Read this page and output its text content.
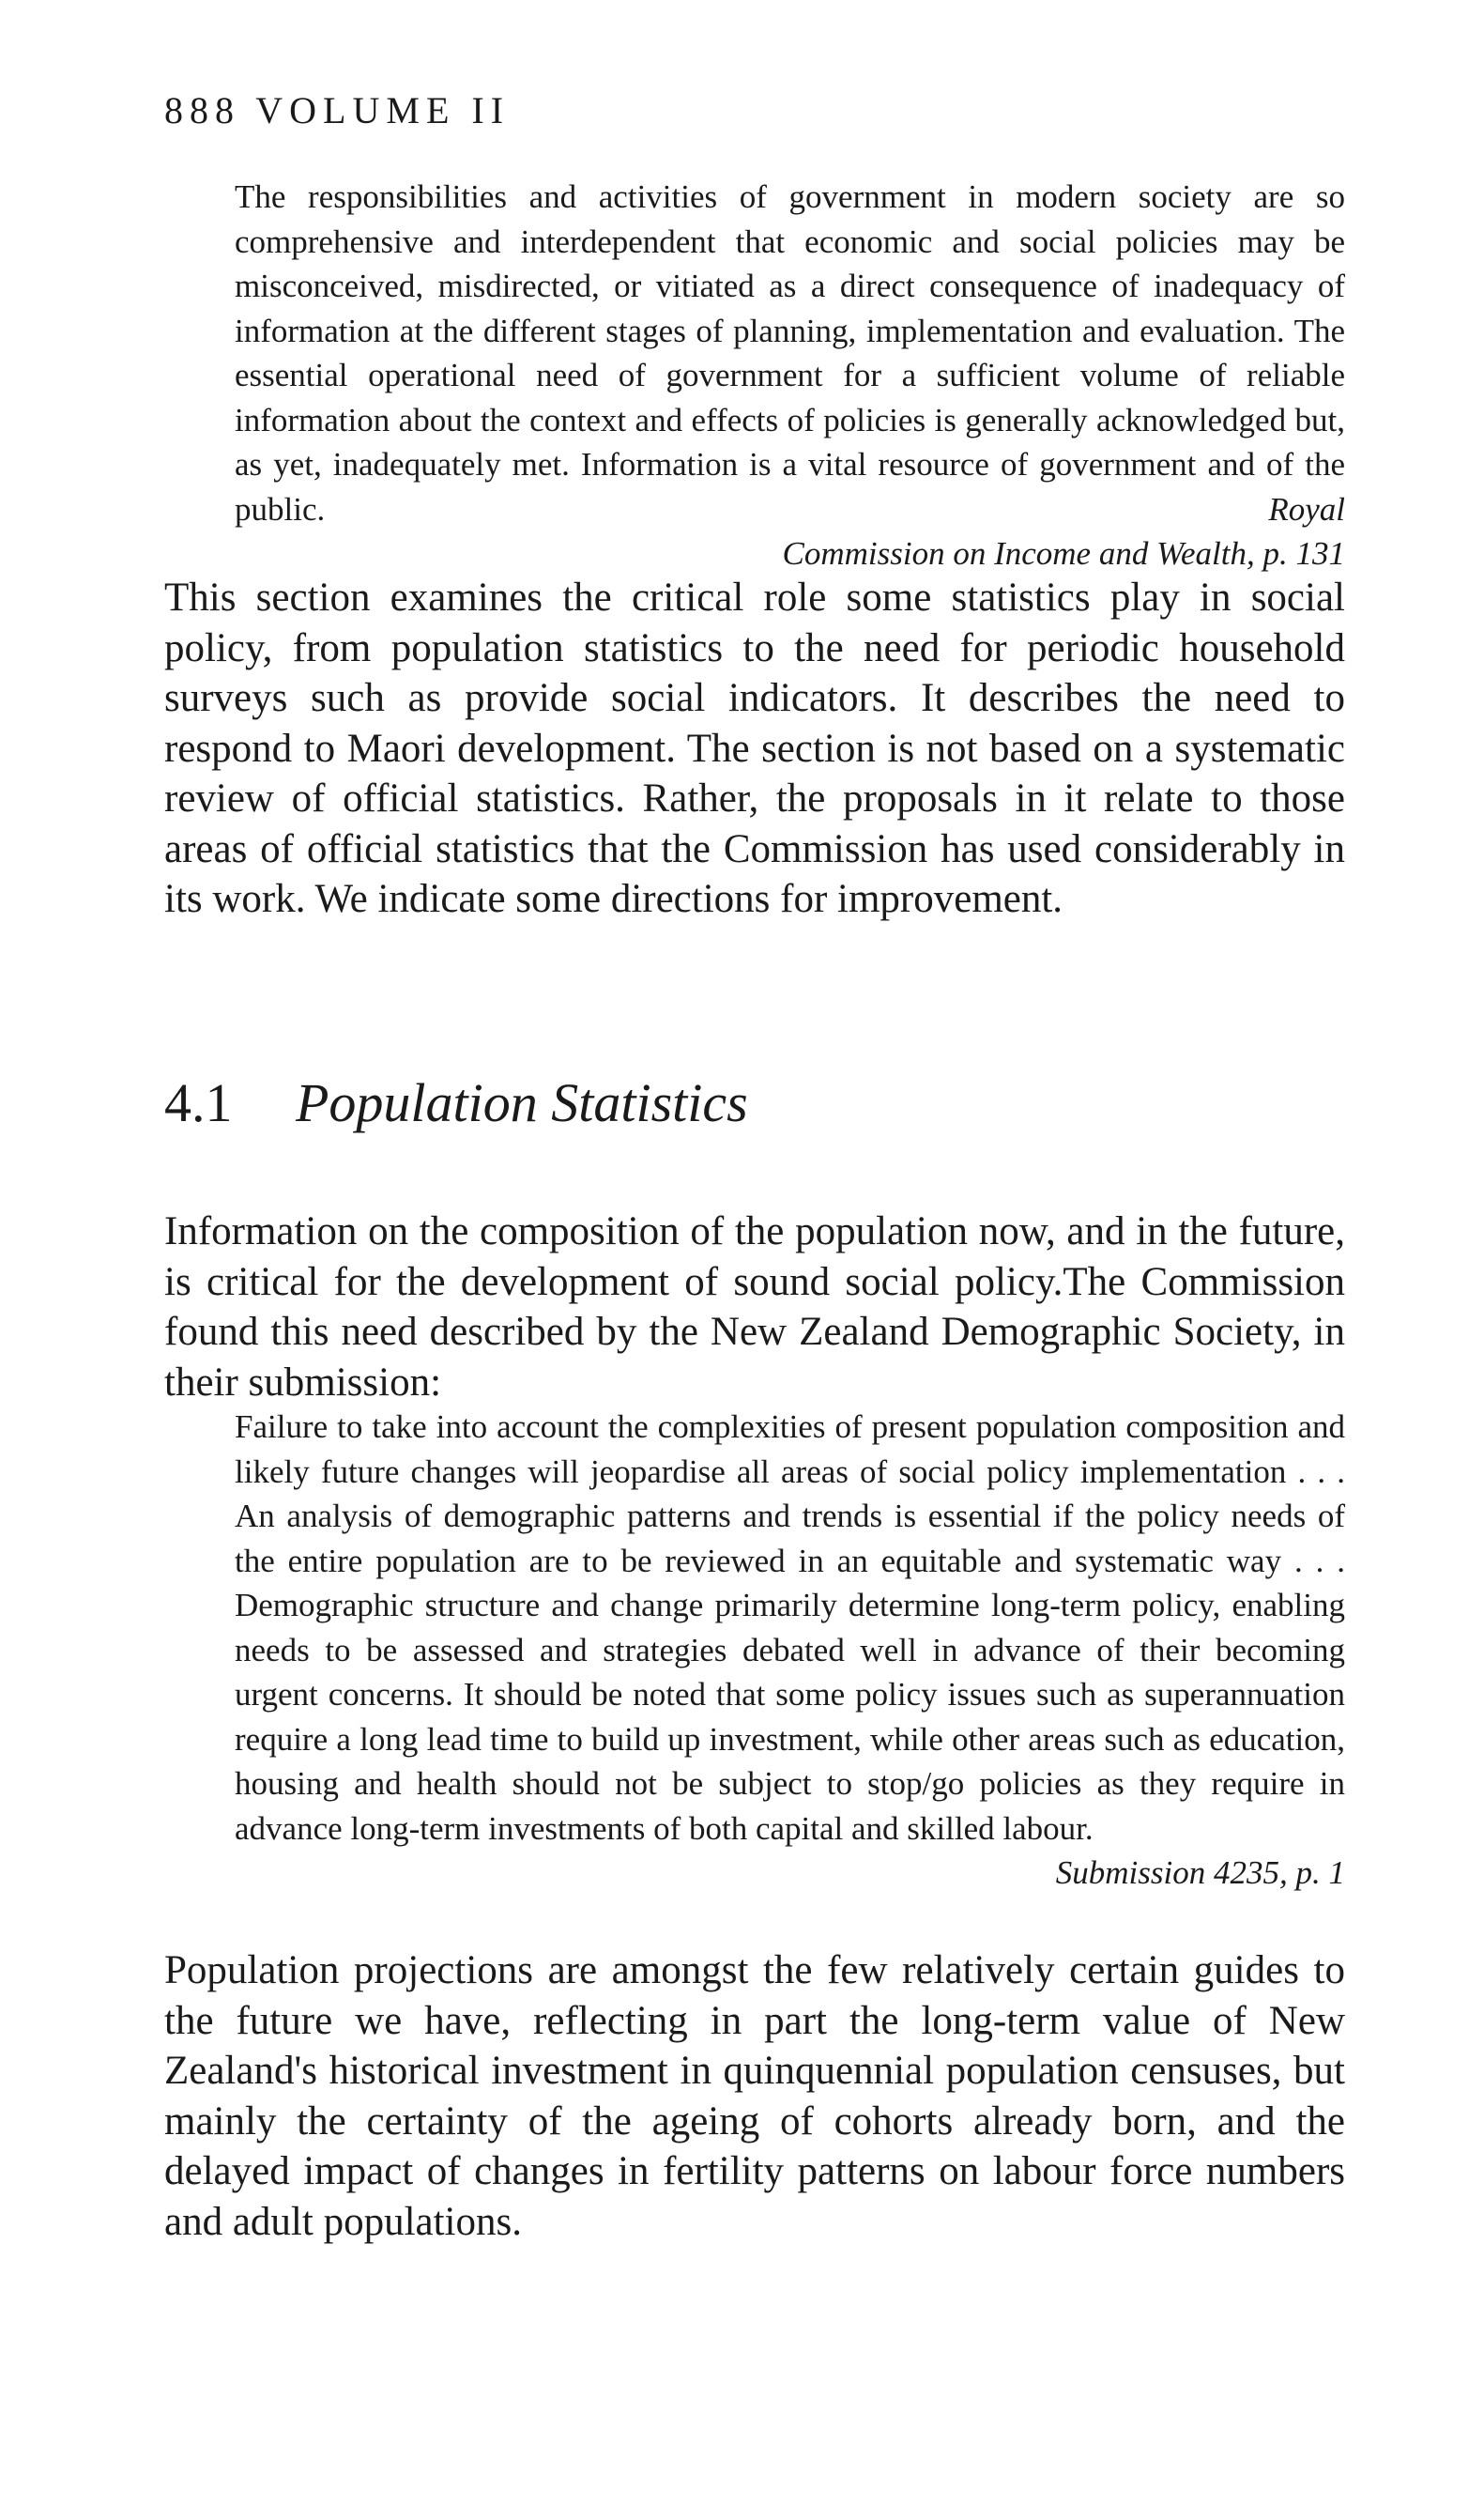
888 VOLUME II
The responsibilities and activities of government in modern society are so comprehensive and interdependent that economic and social policies may be misconceived, misdirected, or vitiated as a direct consequence of inadequacy of information at the different stages of planning, implementation and evaluation. The essential operational need of government for a sufficient volume of reliable information about the context and effects of policies is generally acknowledged but, as yet, inadequately met. Information is a vital resource of government and of the public.	Royal
Commission on Income and Wealth, p. 131

This section examines the critical role some statistics play in social policy, from population statistics to the need for periodic household surveys such as provide social indicators. It describes the need to respond to Maori development. The section is not based on a systematic review of official statistics. Rather, the proposals in it relate to those areas of official statistics that the Commission has used considerably in its work. We indicate some directions for improvement.

4.1 Population Statistics

Information on the composition of the population now, and in the future, is critical for the development of sound social policy.The Commission found this need described by the New Zealand Demographic Society, in their submission:

Failure to take into account the complexities of present population composition and likely future changes will jeopardise all areas of social policy implementation . . . An analysis of demographic patterns and trends is essential if the policy needs of the entire population are to be reviewed in an equitable and systematic way . . . Demographic structure and change primarily determine long-term policy, enabling needs to be assessed and strategies debated well in advance of their becoming urgent concerns. It should be noted that some policy issues such as superannuation require a long lead time to build up investment, while other areas such as education, housing and health should not be subject to stop/go policies as they require in advance long-term investments of both capital and skilled labour.
Submission 4235, p. 1

Population projections are amongst the few relatively certain guides to the future we have, reflecting in part the long-term value of New Zealand's historical investment in quinquennial population censuses, but mainly the certainty of the ageing of cohorts already born, and the delayed impact of changes in fertility patterns on labour force numbers and adult populations.
